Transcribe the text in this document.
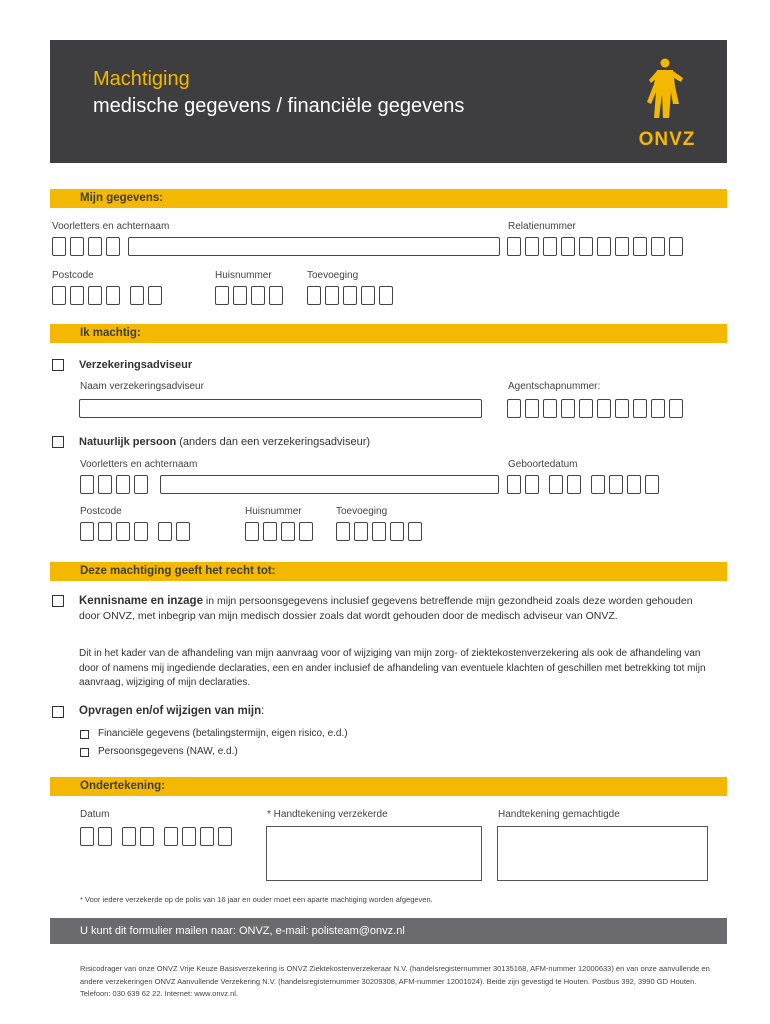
Machtiging
medische gegevens / financiële gegevens
ONVZ
Mijn gegevens:
Voorletters en achternaam	Relatienummer
Postcode	Huisnummer	Toevoeging
Ik machtig:
Verzekeringsadviseur
Naam verzekeringsadviseur	Agentschapnummer:
Natuurlijk persoon (anders dan een verzekeringsadviseur)
Voorletters en achternaam	Geboortedatum
Postcode	Huisnummer	Toevoeging
Deze machtiging geeft het recht tot:
Kennisname en inzage in mijn persoonsgegevens inclusief gegevens betreffende mijn gezondheid zoals deze worden gehouden door ONVZ, met inbegrip van mijn medisch dossier zoals dat wordt gehouden door de medisch adviseur van ONVZ.
Dit in het kader van de afhandeling van mijn aanvraag voor of wijziging van mijn zorg- of ziektekostenverzekering als ook de afhandeling van door of namens mij ingediende declaraties, een en ander inclusief de afhandeling van eventuele klachten of geschillen met betrekking tot mijn aanvraag, wijziging of mijn declaraties.
Opvragen en/of wijzigen van mijn:
Financiële gegevens (betalingstermijn, eigen risico, e.d.)
Persoonsgegevens (NAW, e.d.)
Ondertekening:
Datum	* Handtekening verzekerde	Handtekening gemachtigde
* Voor iedere verzekerde op de polis van 16 jaar en ouder moet een aparte machtiging worden afgegeven.
U kunt dit formulier mailen naar: ONVZ, e-mail: polisteam@onvz.nl
Risicodrager van onze ONVZ Vrije Keuze Basisverzekering is ONVZ Ziektekostenverzekeraar N.V. (handelsregisternummer 30135168, AFM-nummer 12000633) en van onze aanvullende en andere verzekeringen ONVZ Aanvullende Verzekering N.V. (handelsregisternummer 30209308, AFM-nummer 12001024). Beide zijn gevestigd te Houten. Postbus 392, 3990 GD Houten. Telefoon: 030 639 62 22. Internet: www.onvz.nl.
